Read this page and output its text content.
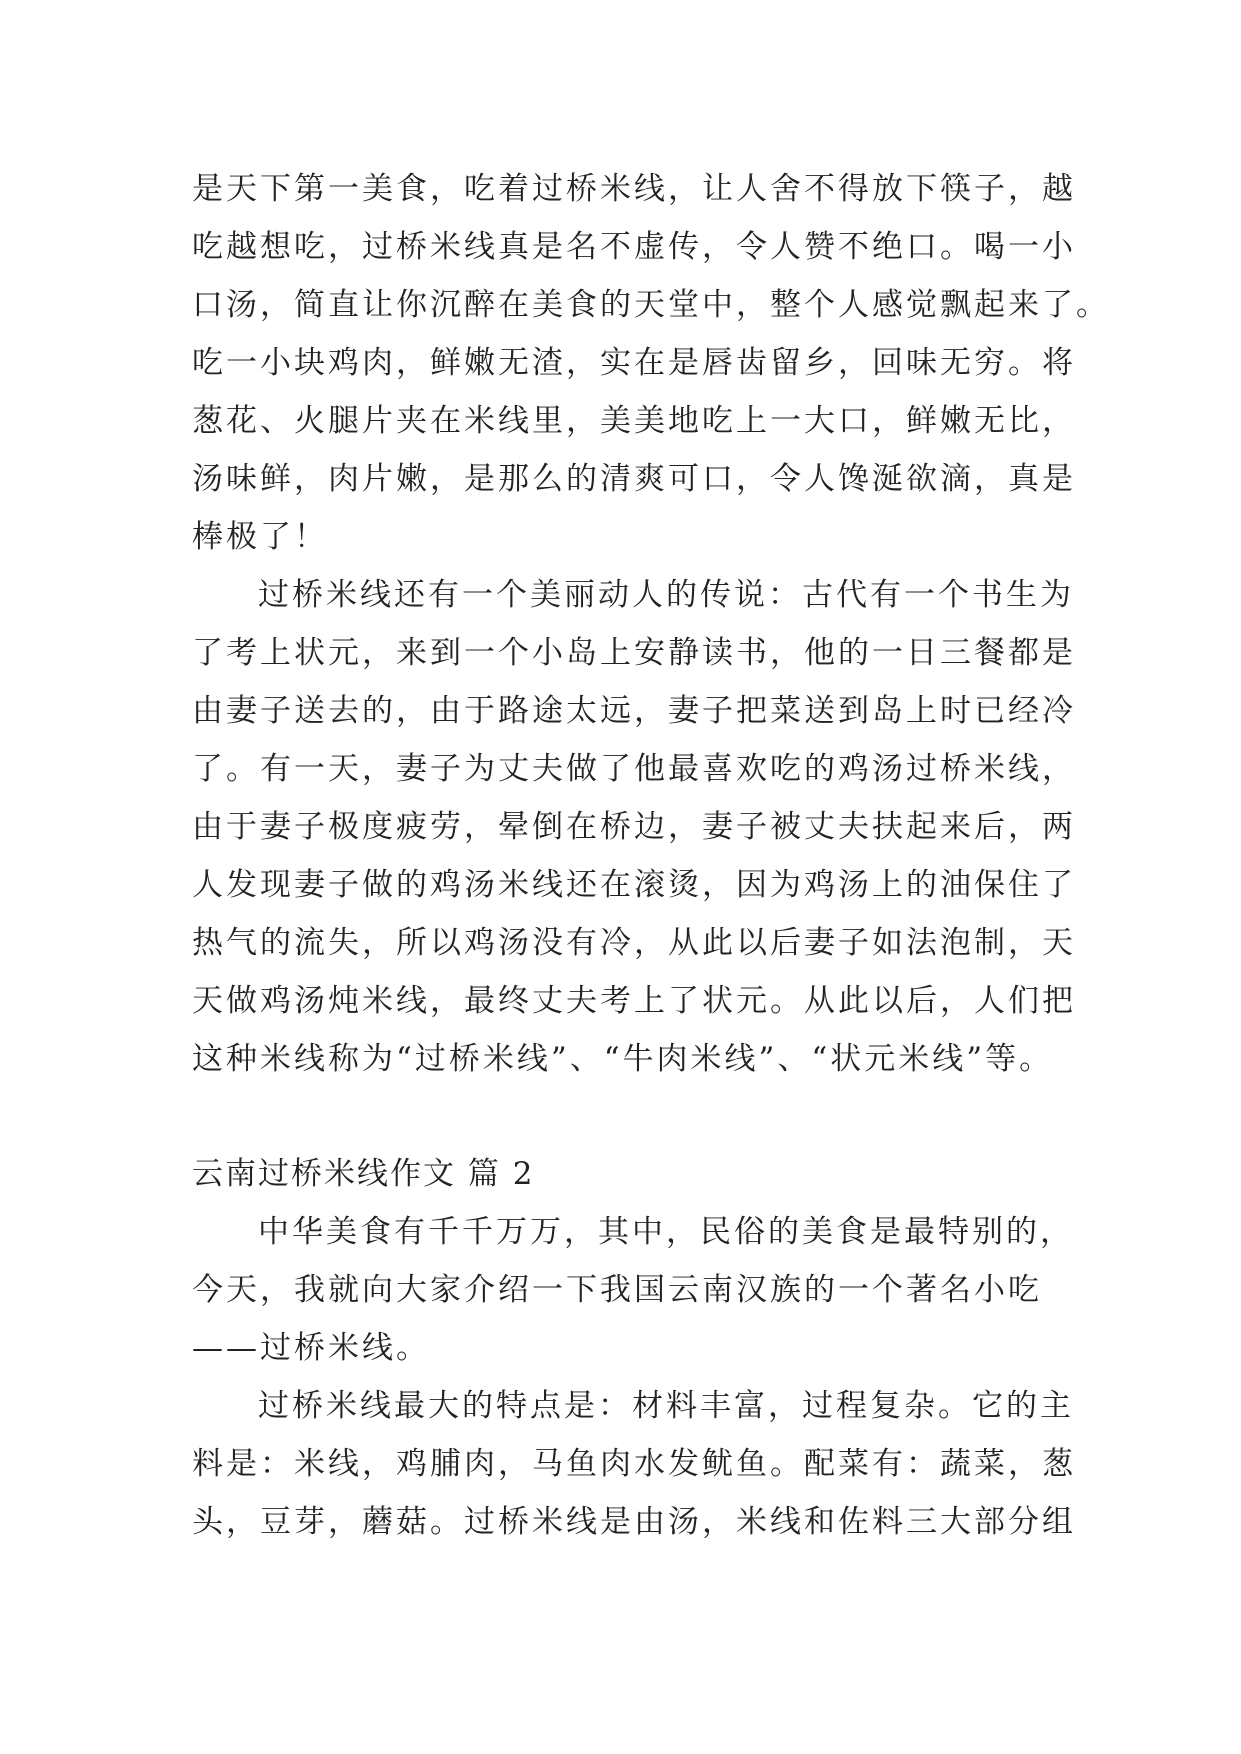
是天下第一美食，吃着过桥米线，让人舍不得放下筷子，越
吃越想吃，过桥米线真是名不虚传，令人赞不绝口。喝一小
口汤，简直让你沉醉在美食的天堂中，整个人感觉飘起来了。
吃一小块鸡肉，鲜嫩无渣，实在是唇齿留乡，回味无穷。将
葱花、火腿片夹在米线里，美美地吃上一大口，鲜嫩无比，
汤味鲜，肉片嫩，是那么的清爽可口，令人馋涎欲滴，真是
棒极了！
过桥米线还有一个美丽动人的传说：古代有一个书生为
了考上状元，来到一个小岛上安静读书，他的一日三餐都是
由妻子送去的，由于路途太远，妻子把菜送到岛上时已经冷
了。有一天，妻子为丈夫做了他最喜欢吃的鸡汤过桥米线，
由于妻子极度疲劳，晕倒在桥边，妻子被丈夫扶起来后，两
人发现妻子做的鸡汤米线还在滚烫，因为鸡汤上的油保住了
热气的流失，所以鸡汤没有冷，从此以后妻子如法泡制，天
天做鸡汤炖米线，最终丈夫考上了状元。从此以后，人们把
这种米线称为“过桥米线”、“牛肉米线”、“状元米线”等。
云南过桥米线作文 篇 2
中华美食有千千万万，其中，民俗的美食是最特别的，
今天，我就向大家介绍一下我国云南汉族的一个著名小吃
——过桥米线。
过桥米线最大的特点是：材料丰富，过程复杂。它的主
料是：米线，鸡脯肉，马鱼肉水发鱿鱼。配菜有：蔬菜，葱
头，豆芽，蘑菇。过桥米线是由汤，米线和佐料三大部分组
